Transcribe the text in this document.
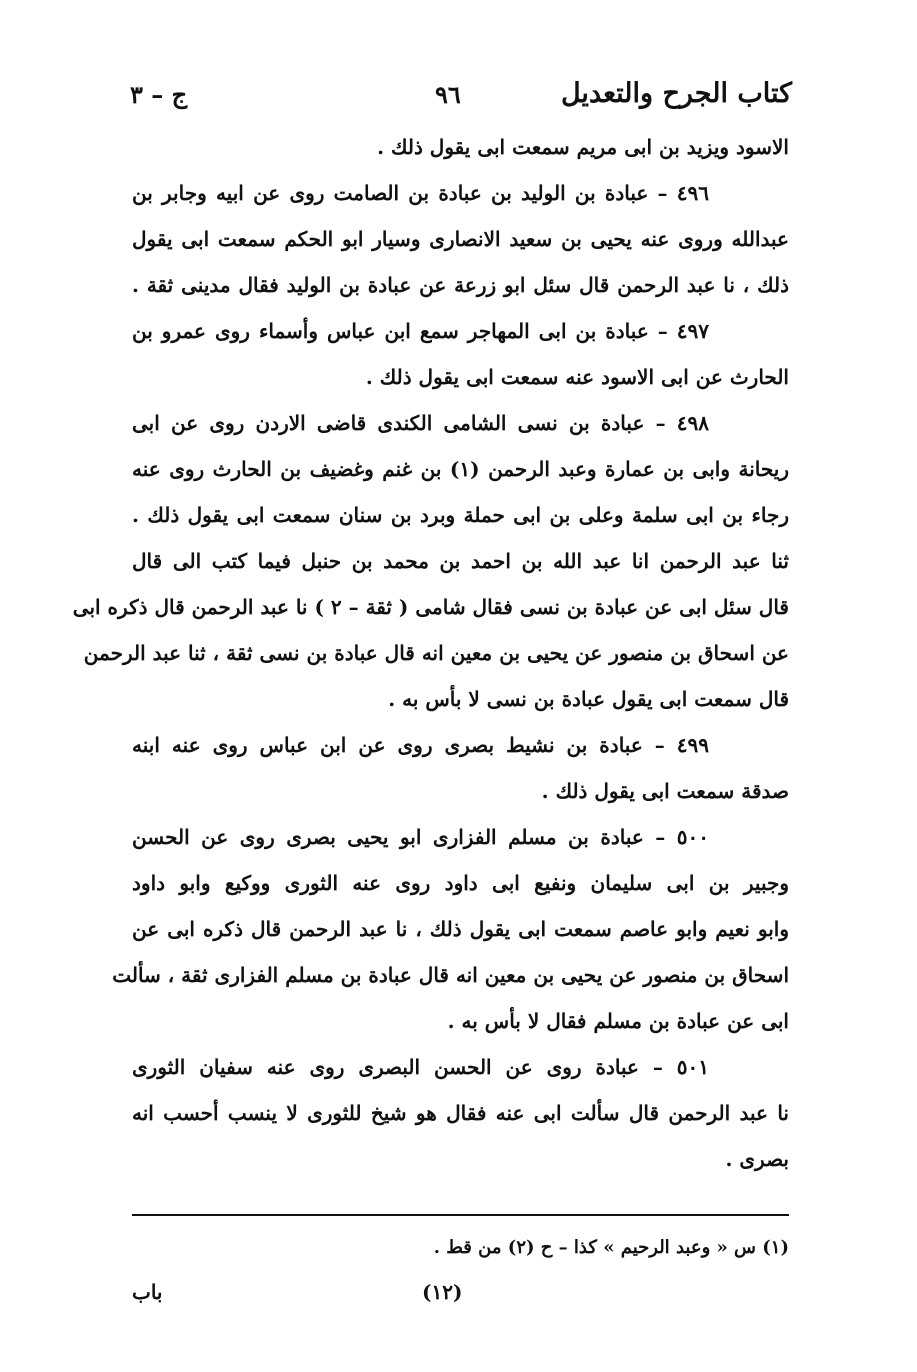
كتاب الجرح والتعديل
٩٦
ج – ٣
الاسود ويزيد بن ابى مريم سمعت ابى يقول ذلك .
٤٩٦ – عبادة بن الوليد بن عبادة بن الصامت روى عن ابيه وجابر بن
عبدالله وروى عنه يحيى بن سعيد الانصارى وسيار ابو الحكم سمعت ابى يقول
ذلك ، نا عبد الرحمن قال سئل ابو زرعة عن عبادة بن الوليد فقال مدينى ثقة .
٤٩٧ – عبادة بن ابى المهاجر سمع ابن عباس وأسماء روى عمرو بن
الحارث عن ابى الاسود عنه سمعت ابى يقول ذلك .
٤٩٨ – عبادة بن نسى الشامى الكندى قاضى الاردن روى عن ابى
ريحانة وابى بن عمارة وعبد الرحمن (١) بن غنم وغضيف بن الحارث روى عنه
رجاء بن ابى سلمة وعلى بن ابى حملة وبرد بن سنان سمعت ابى يقول ذلك .
ثنا عبد الرحمن انا عبد الله بن احمد بن محمد بن حنبل فيما كتب الى قال
قال سئل ابى عن عبادة بن نسى فقال شامى ( ثقة – ٢ ) نا عبد الرحمن قال ذكره ابى
عن اسحاق بن منصور عن يحيى بن معين انه قال عبادة بن نسى ثقة ، ثنا عبد الرحمن
قال سمعت ابى يقول عبادة بن نسى لا بأس به .
٤٩٩ – عبادة بن نشيط بصرى روى عن ابن عباس روى عنه ابنه
صدقة سمعت ابى يقول ذلك .
٥٠٠ – عبادة بن مسلم الفزارى ابو يحيى بصرى روى عن الحسن
وجبير بن ابى سليمان ونفيع ابى داود روى عنه الثورى ووكيع وابو داود
وابو نعيم وابو عاصم سمعت ابى يقول ذلك ، نا عبد الرحمن قال ذكره ابى عن
اسحاق بن منصور عن يحيى بن معين انه قال عبادة بن مسلم الفزارى ثقة ، سألت
ابى عن عبادة بن مسلم فقال لا بأس به .
٥٠١ – عبادة روى عن الحسن البصرى روى عنه سفيان الثورى
نا عبد الرحمن قال سألت ابى عنه فقال هو شيخ للثورى لا ينسب أحسب انه
بصرى .
(١) س « وعبد الرحيم » كذا – ح (٢) من قط .
(١٢)
باب
